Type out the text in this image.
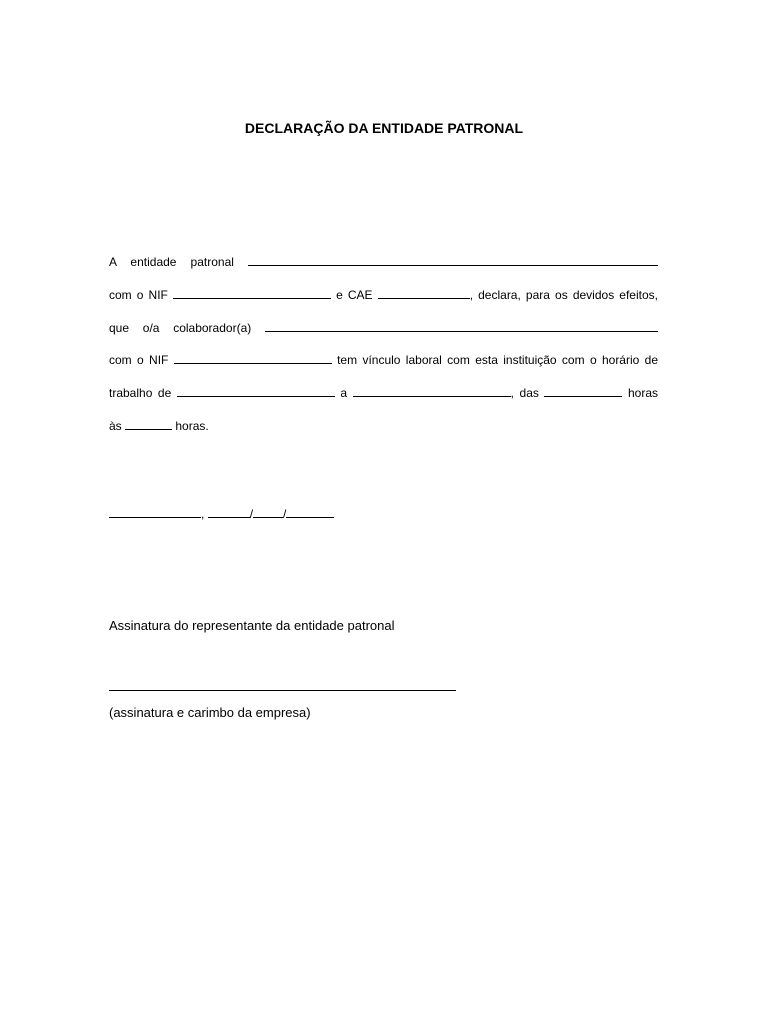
DECLARAÇÃO DA ENTIDADE PATRONAL
A entidade patronal
com o NIF	e CAE	, declara, para os devidos efeitos,
que o/a colaborador(a)
com o NIF	tem vínculo laboral com esta instituição com o horário de
trabalho de	a	, das	horas
às	horas.
,	/	/
Assinatura do representante da entidade patronal
(assinatura e carimbo da empresa)
